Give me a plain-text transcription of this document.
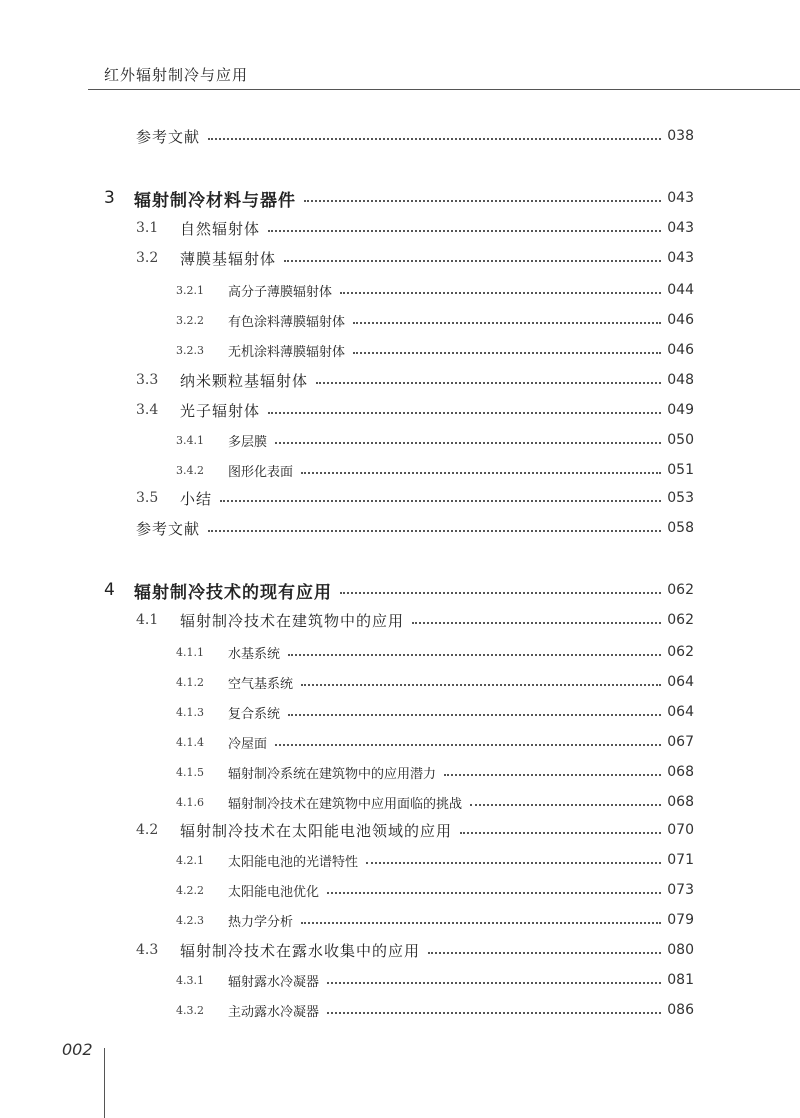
红外辐射制冷与应用
参考文献	038
3	辐射制冷材料与器件	043
3.1	自然辐射体	043
3.2	薄膜基辐射体	043
3.2.1	高分子薄膜辐射体	044
3.2.2	有色涂料薄膜辐射体	046
3.2.3	无机涂料薄膜辐射体	046
3.3	纳米颗粒基辐射体	048
3.4	光子辐射体	049
3.4.1	多层膜	050
3.4.2	图形化表面	051
3.5	小结	053
参考文献	058
4	辐射制冷技术的现有应用	062
4.1	辐射制冷技术在建筑物中的应用	062
4.1.1	水基系统	062
4.1.2	空气基系统	064
4.1.3	复合系统	064
4.1.4	冷屋面	067
4.1.5	辐射制冷系统在建筑物中的应用潜力	068
4.1.6	辐射制冷技术在建筑物中应用面临的挑战	068
4.2	辐射制冷技术在太阳能电池领域的应用	070
4.2.1	太阳能电池的光谱特性	071
4.2.2	太阳能电池优化	073
4.2.3	热力学分析	079
4.3	辐射制冷技术在露水收集中的应用	080
4.3.1	辐射露水冷凝器	081
4.3.2	主动露水冷凝器	086
002
